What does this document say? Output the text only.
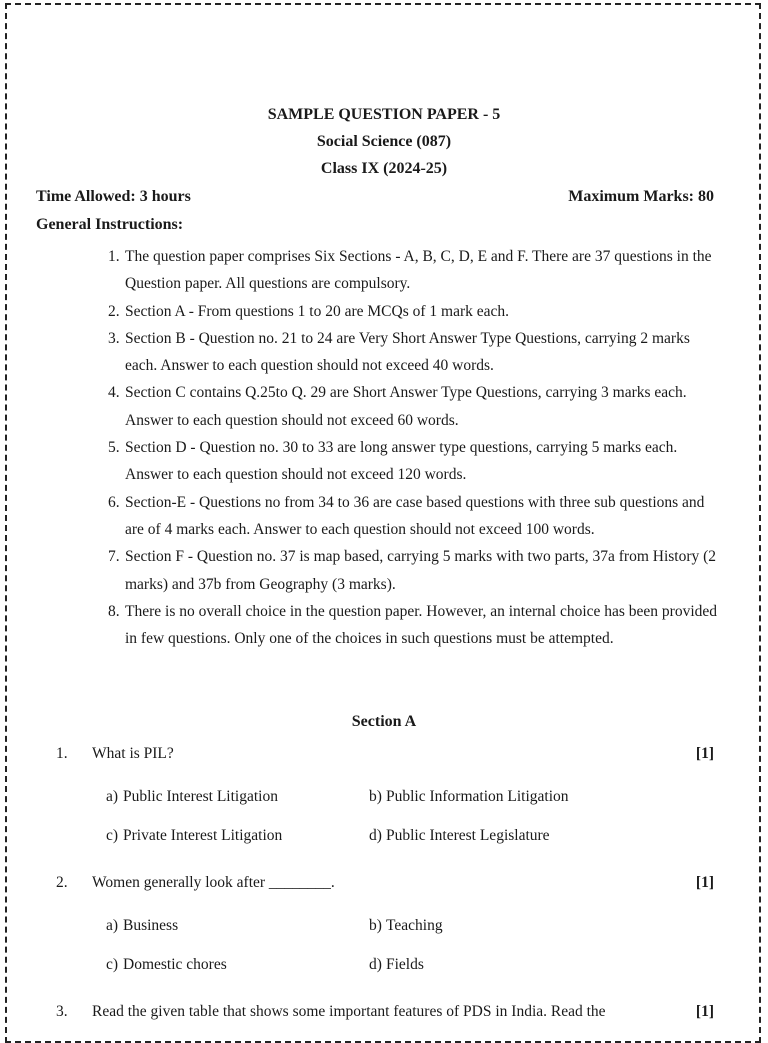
SAMPLE QUESTION PAPER - 5
Social Science (087)
Class IX (2024-25)
Time Allowed: 3 hours	Maximum Marks: 80
General Instructions:
1. The question paper comprises Six Sections - A, B, C, D, E and F. There are 37 questions in the Question paper. All questions are compulsory.
2. Section A - From questions 1 to 20 are MCQs of 1 mark each.
3. Section B - Question no. 21 to 24 are Very Short Answer Type Questions, carrying 2 marks each. Answer to each question should not exceed 40 words.
4. Section C contains Q.25to Q. 29 are Short Answer Type Questions, carrying 3 marks each. Answer to each question should not exceed 60 words.
5. Section D - Question no. 30 to 33 are long answer type questions, carrying 5 marks each. Answer to each question should not exceed 120 words.
6. Section-E - Questions no from 34 to 36 are case based questions with three sub questions and are of 4 marks each. Answer to each question should not exceed 100 words.
7. Section F - Question no. 37 is map based, carrying 5 marks with two parts, 37a from History (2 marks) and 37b from Geography (3 marks).
8. There is no overall choice in the question paper. However, an internal choice has been provided in few questions. Only one of the choices in such questions must be attempted.
Section A
1. What is PIL?	[1]
a) Public Interest Litigation	b) Public Information Litigation
c) Private Interest Litigation	d) Public Interest Legislature
2. Women generally look after ________.	[1]
a) Business	b) Teaching
c) Domestic chores	d) Fields
3. Read the given table that shows some important features of PDS in India. Read the	[1]
